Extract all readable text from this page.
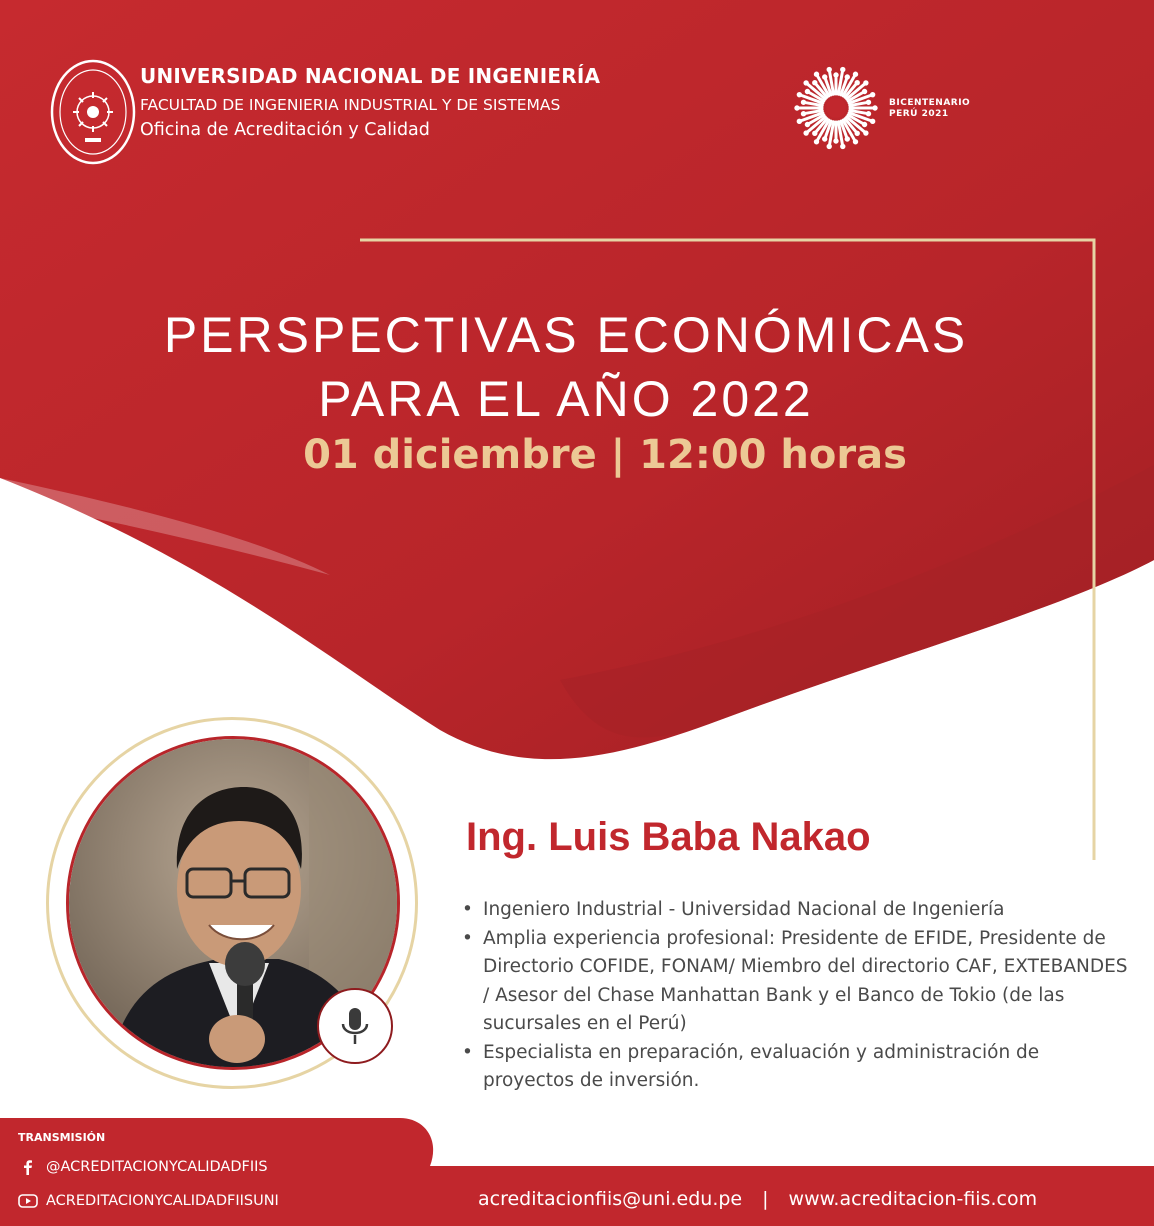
UNIVERSIDAD NACIONAL DE INGENIERÍA
FACULTAD DE INGENIERIA INDUSTRIAL Y DE SISTEMAS
Oficina de Acreditación y Calidad
BICENTENARIO
PERÚ 2021
PERSPECTIVAS ECONÓMICAS
PARA EL AÑO 2022
01 diciembre | 12:00 horas
Ing. Luis Baba Nakao
• Ingeniero Industrial - Universidad Nacional de Ingeniería
• Amplia experiencia profesional: Presidente de EFIDE, Presidente de Directorio COFIDE, FONAM/ Miembro del directorio CAF, EXTEBANDES / Asesor del Chase Manhattan Bank y el Banco de Tokio (de las sucursales en el Perú)
• Especialista en preparación, evaluación y administración de proyectos de inversión.
TRANSMISIÓN
@ACREDITACIONYCALIDADFIIS
ACREDITACIONYCALIDADFIISUNI	acreditacionfiis@uni.edu.pe | www.acreditacion-fiis.com
